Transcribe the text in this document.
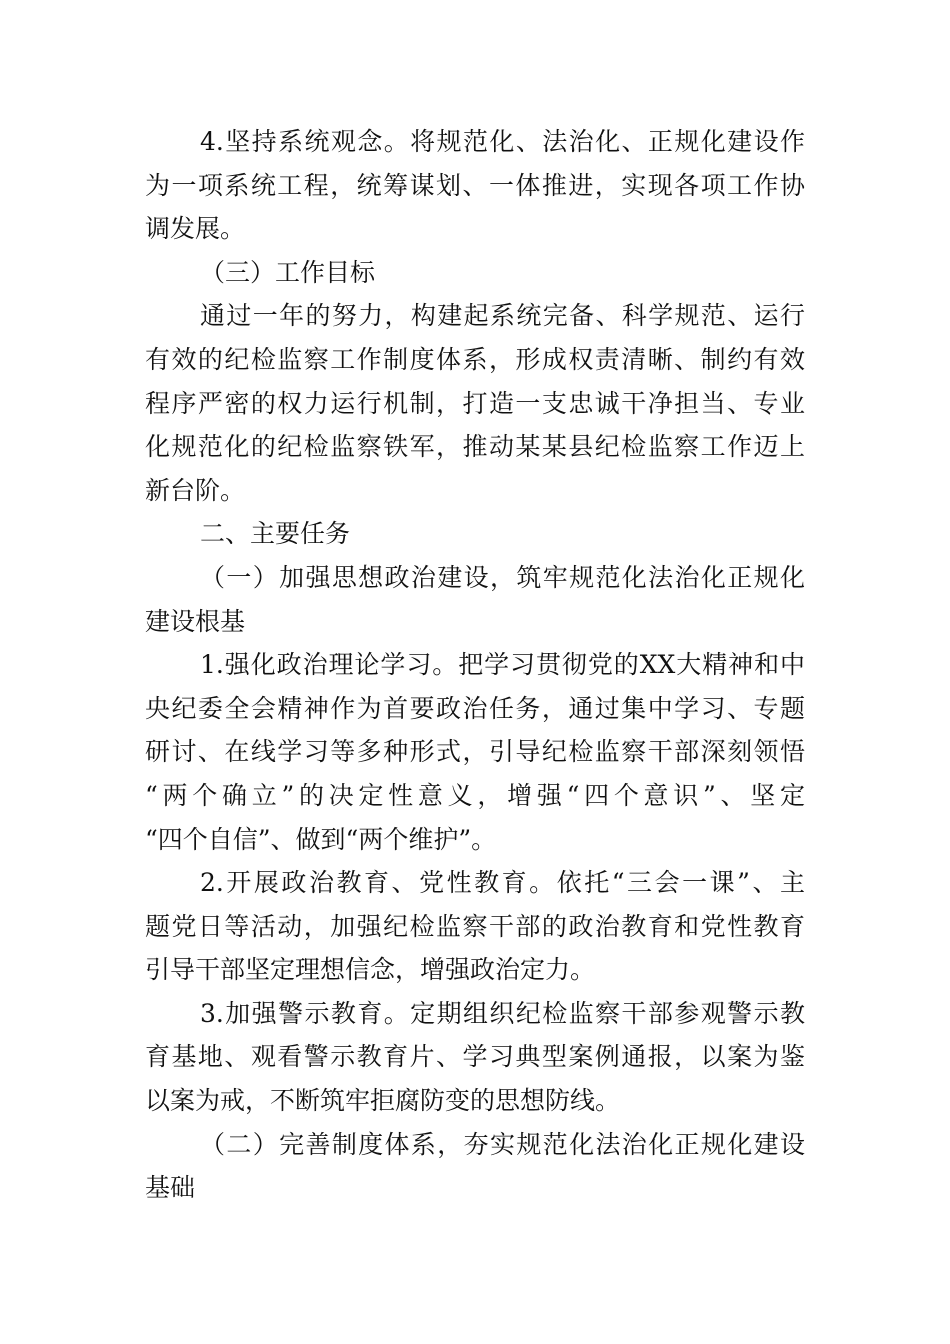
4.坚持系统观念。将规范化、法治化、正规化建设作
为一项系统工程，统筹谋划、一体推进，实现各项工作协
调发展。
（三）工作目标
通过一年的努力，构建起系统完备、科学规范、运行
有效的纪检监察工作制度体系，形成权责清晰、制约有效
程序严密的权力运行机制，打造一支忠诚干净担当、专业
化规范化的纪检监察铁军，推动某某县纪检监察工作迈上
新台阶。
二、主要任务
（一）加强思想政治建设，筑牢规范化法治化正规化
建设根基
1.强化政治理论学习。把学习贯彻党的XX大精神和中
央纪委全会精神作为首要政治任务，通过集中学习、专题
研讨、在线学习等多种形式，引导纪检监察干部深刻领悟
“两个确立”的决定性意义，增强“四个意识”、坚定
“四个自信”、做到“两个维护”。
2.开展政治教育、党性教育。依托“三会一课”、主
题党日等活动，加强纪检监察干部的政治教育和党性教育
引导干部坚定理想信念，增强政治定力。
3.加强警示教育。定期组织纪检监察干部参观警示教
育基地、观看警示教育片、学习典型案例通报，以案为鉴
以案为戒，不断筑牢拒腐防变的思想防线。
（二）完善制度体系，夯实规范化法治化正规化建设
基础
